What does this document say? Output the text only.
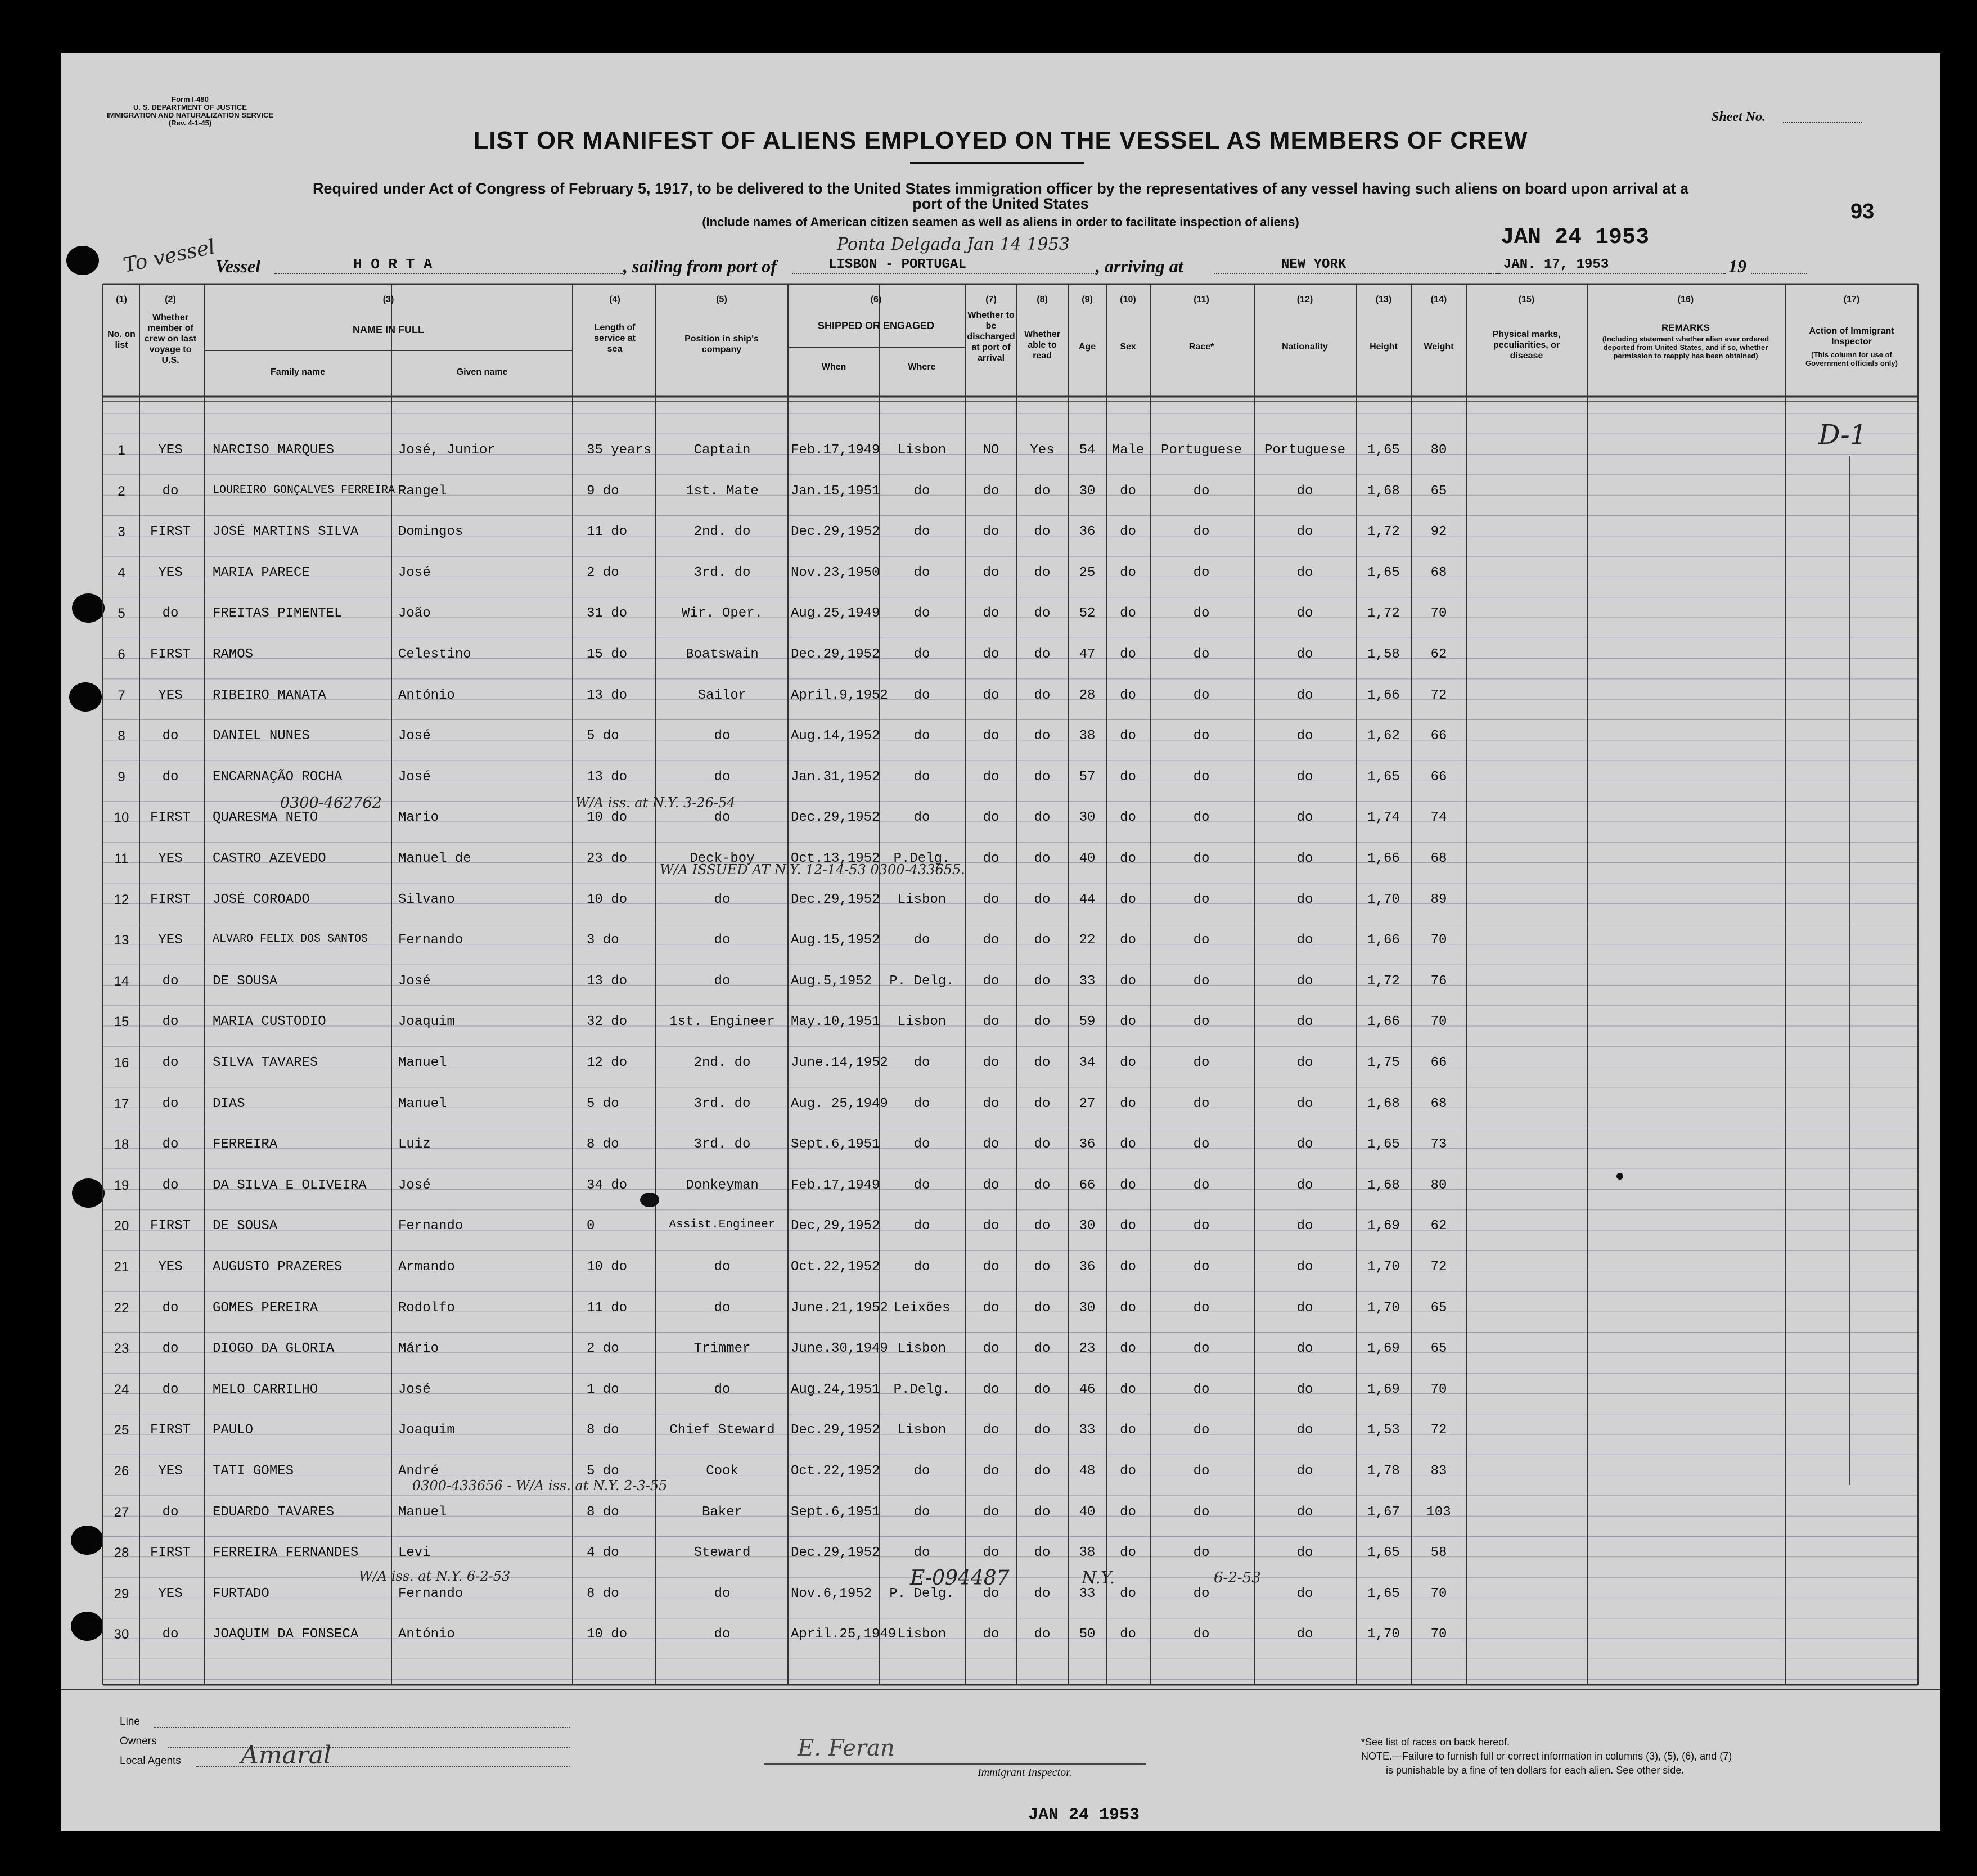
Form I-480
U. S. DEPARTMENT OF JUSTICE
IMMIGRATION AND NATURALIZATION SERVICE
(Rev. 4-1-45)	Sheet No.
93
LIST OR MANIFEST OF ALIENS EMPLOYED ON THE VESSEL AS MEMBERS OF CREW
Required under Act of Congress of February 5, 1917, to be delivered to the United States immigration officer by the representatives of any vessel having such aliens on board upon arrival at a
port of the United States
(Include names of American citizen seamen as well as aliens in order to facilitate inspection of aliens)
JAN 24 1953
To vessel
Vessel	H O R T A	, sailing from port of	LISBON - PORTUGAL
Ponta Delgada Jan 14 1953
, arriving at	NEW YORK	JAN. 17, 1953	19
(1)
No. on list
(2)
Whether member of crew on last voyage to U.S.
(3)
NAME IN FULL
Family name	Given name
(4)
Length of service at sea
(5)
Position in ship's company
(6)
SHIPPED OR ENGAGED
When	Where
(7)
Whether to be discharged at port of arrival
(8)
Whether able to read
(9)
Age
(10)
Sex
(11)
Race*
(12)
Nationality
(13)
Height
(14)
Weight
(15)
Physical marks, peculiarities, or disease
(16)
REMARKS
(Including statement whether alien ever ordered deported from United States, and if so, whether permission to reapply has been obtained)
(17)
Action of Immigrant Inspector
(This column for use of Government officials only)
1	YES	NARCISO MARQUES	José, Junior	35 years	Captain	Feb.17,1949	Lisbon	NO	Yes	54	Male	Portuguese	Portuguese	1,65	80
2	do	LOUREIRO GONÇALVES FERREIRA Rangel	9 do	1st. Mate	Jan.15,1951	do	do	do	30	do	do	do	1,68	65
3	FIRST	JOSÉ MARTINS SILVA	Domingos	11 do	2nd. do	Dec.29,1952	do	do	do	36	do	do	do	1,72	92
4	YES	MARIA PARECE	José	2 do	3rd. do	Nov.23,1950	do	do	do	25	do	do	do	1,65	68
5	do	FREITAS PIMENTEL	João	31 do	Wir. Oper.	Aug.25,1949	do	do	do	52	do	do	do	1,72	70
6	FIRST	RAMOS	Celestino	15 do	Boatswain	Dec.29,1952	do	do	do	47	do	do	do	1,58	62
7	YES	RIBEIRO MANATA	António	13 do	Sailor	April.9,1952	do	do	do	28	do	do	do	1,66	72
8	do	DANIEL NUNES	José	5 do	do	Aug.14,1952	do	do	do	38	do	do	do	1,62	66
9	do	ENCARNAÇÃO ROCHA	José	13 do	do	Jan.31,1952	do	do	do	57	do	do	do	1,65	66
10	FIRST	QUARESMA NETO	Mario	10 do	do	Dec.29,1952	do	do	do	30	do	do	do	1,74	74
11	YES	CASTRO AZEVEDO	Manuel de	23 do	Deck-boy	Oct.13,1952	P.Delg.	do	do	40	do	do	do	1,66	68
12	FIRST	JOSÉ COROADO	Silvano	10 do	do	Dec.29,1952	Lisbon	do	do	44	do	do	do	1,70	89
13	YES	ALVARO FELIX DOS SANTOS	Fernando	3 do	do	Aug.15,1952	do	do	do	22	do	do	do	1,66	70
14	do	DE SOUSA	José	13 do	do	Aug.5,1952	P. Delg.	do	do	33	do	do	do	1,72	76
15	do	MARIA CUSTODIO	Joaquim	32 do	1st. Engineer	May.10,1951	Lisbon	do	do	59	do	do	do	1,66	70
16	do	SILVA TAVARES	Manuel	12 do	2nd. do	June.14,1952	do	do	do	34	do	do	do	1,75	66
17	do	DIAS	Manuel	5 do	3rd. do	Aug. 25,1949	do	do	do	27	do	do	do	1,68	68
18	do	FERREIRA	Luiz	8 do	3rd. do	Sept.6,1951	do	do	do	36	do	do	do	1,65	73
19	do	DA SILVA E OLIVEIRA	José	34 do	Donkeyman	Feb.17,1949	do	do	do	66	do	do	do	1,68	80
20	FIRST	DE SOUSA	Fernando	0	Assist.Engineer	Dec,29,1952	do	do	do	30	do	do	do	1,69	62
21	YES	AUGUSTO PRAZERES	Armando	10 do	do	Oct.22,1952	do	do	do	36	do	do	do	1,70	72
22	do	GOMES PEREIRA	Rodolfo	11 do	do	June.21,1952 Leixões	do	do	30	do	do	do	1,70	65
23	do	DIOGO DA GLORIA	Mário	2 do	Trimmer	June.30,1949 Lisbon	do	do	23	do	do	do	1,69	65
24	do	MELO CARRILHO	José	1 do	do	Aug.24,1951	P.Delg.	do	do	46	do	do	do	1,69	70
25	FIRST	PAULO	Joaquim	8 do	Chief Steward	Dec.29,1952	Lisbon	do	do	33	do	do	do	1,53	72
26	YES	TATI GOMES	André	5 do	Cook	Oct.22,1952	do	do	do	48	do	do	do	1,78	83
27	do	EDUARDO TAVARES	Manuel	8 do	Baker	Sept.6,1951	do	do	do	40	do	do	do	1,67	103
28	FIRST	FERREIRA FERNANDES	Levi	4 do	Steward	Dec.29,1952	do	do	do	38	do	do	do	1,65	58
29	YES	FURTADO	Fernando	8 do	do	Nov.6,1952	P. Delg.	do	do	33	do	do	do	1,65	70
30	do	JOAQUIM DA FONSECA	António	10 do	do	April.25,1949 Lisbon	do	do	50	do	do	do	1,70	70
0300-462762	W/A iss. at N.Y. 3-26-54
W/A ISSUED AT N.Y. 12-14-53 0300-433655.
0300-433656 - W/A iss. at N.Y. 2-3-55
W/A iss. at N.Y. 6-2-53	E-094487	N.Y.	6-2-53
D-1
Line
Owners
Local Agents Amaral	E. Feran
Immigrant Inspector.
JAN 24 1953
*See list of races on back hereof.
NOTE.—Failure to furnish full or correct information in columns (3), (5), (6), and (7)
is punishable by a fine of ten dollars for each alien. See other side.
